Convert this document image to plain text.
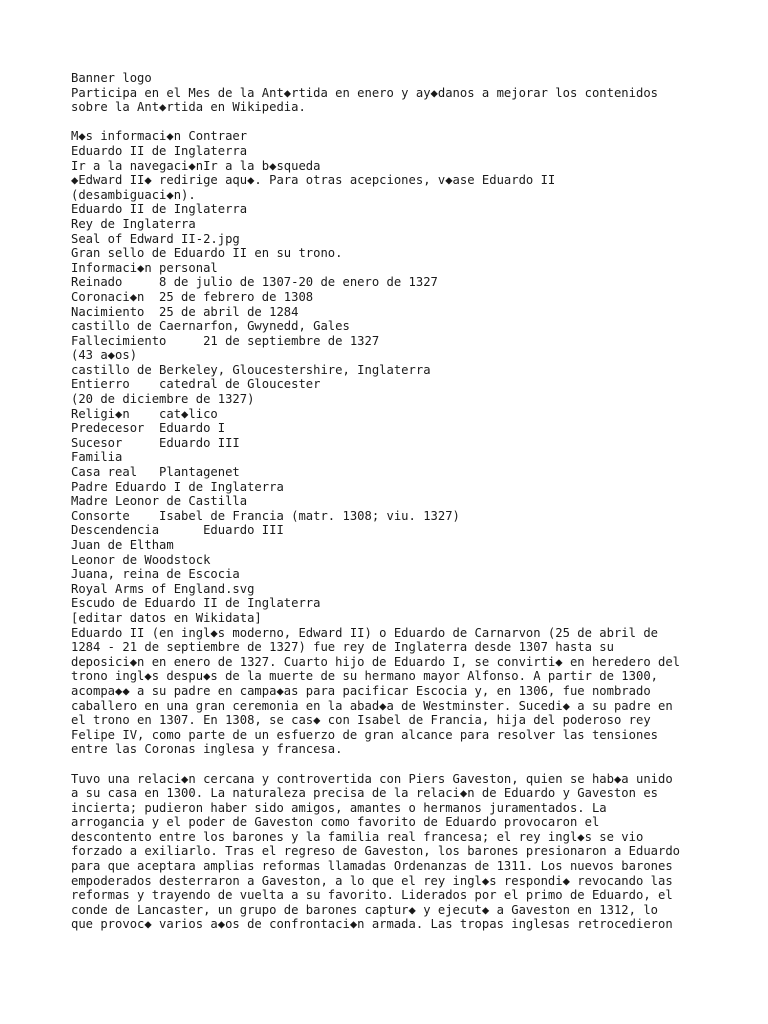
Banner logo
Participa en el Mes de la Ant◆rtida en enero y ay◆danos a mejorar los contenidos
sobre la Ant◆rtida en Wikipedia.
M◆s informaci◆n Contraer
Eduardo II de Inglaterra
Ir a la navegaci◆nIr a la b◆squeda
◆Edward II◆ redirige aqu◆. Para otras acepciones, v◆ase Eduardo II
(desambiguaci◆n).
Eduardo II de Inglaterra
Rey de Inglaterra
Seal of Edward II-2.jpg
Gran sello de Eduardo II en su trono.
Informaci◆n personal
Reinado     8 de julio de 1307-20 de enero de 1327
Coronaci◆n  25 de febrero de 1308
Nacimiento  25 de abril de 1284
castillo de Caernarfon, Gwynedd, Gales
Fallecimiento     21 de septiembre de 1327
(43 a◆os)
castillo de Berkeley, Gloucestershire, Inglaterra
Entierro    catedral de Gloucester
(20 de diciembre de 1327)
Religi◆n    cat◆lico
Predecesor  Eduardo I
Sucesor     Eduardo III
Familia
Casa real   Plantagenet
Padre Eduardo I de Inglaterra
Madre Leonor de Castilla
Consorte    Isabel de Francia (matr. 1308; viu. 1327)
Descendencia      Eduardo III
Juan de Eltham
Leonor de Woodstock
Juana, reina de Escocia
Royal Arms of England.svg
Escudo de Eduardo II de Inglaterra
[editar datos en Wikidata]
Eduardo II (en ingl◆s moderno, Edward II) o Eduardo de Carnarvon (25 de abril de
1284 - 21 de septiembre de 1327) fue rey de Inglaterra desde 1307 hasta su
deposici◆n en enero de 1327. Cuarto hijo de Eduardo I, se convirti◆ en heredero del
trono ingl◆s despu◆s de la muerte de su hermano mayor Alfonso. A partir de 1300,
acompa◆◆ a su padre en campa◆as para pacificar Escocia y, en 1306, fue nombrado
caballero en una gran ceremonia en la abad◆a de Westminster. Sucedi◆ a su padre en
el trono en 1307. En 1308, se cas◆ con Isabel de Francia, hija del poderoso rey
Felipe IV, como parte de un esfuerzo de gran alcance para resolver las tensiones
entre las Coronas inglesa y francesa.
Tuvo una relaci◆n cercana y controvertida con Piers Gaveston, quien se hab◆a unido
a su casa en 1300. La naturaleza precisa de la relaci◆n de Eduardo y Gaveston es
incierta; pudieron haber sido amigos, amantes o hermanos juramentados. La
arrogancia y el poder de Gaveston como favorito de Eduardo provocaron el
descontento entre los barones y la familia real francesa; el rey ingl◆s se vio
forzado a exiliarlo. Tras el regreso de Gaveston, los barones presionaron a Eduardo
para que aceptara amplias reformas llamadas Ordenanzas de 1311. Los nuevos barones
empoderados desterraron a Gaveston, a lo que el rey ingl◆s respondi◆ revocando las
reformas y trayendo de vuelta a su favorito. Liderados por el primo de Eduardo, el
conde de Lancaster, un grupo de barones captur◆ y ejecut◆ a Gaveston en 1312, lo
que provoc◆ varios a◆os de confrontaci◆n armada. Las tropas inglesas retrocedieron
